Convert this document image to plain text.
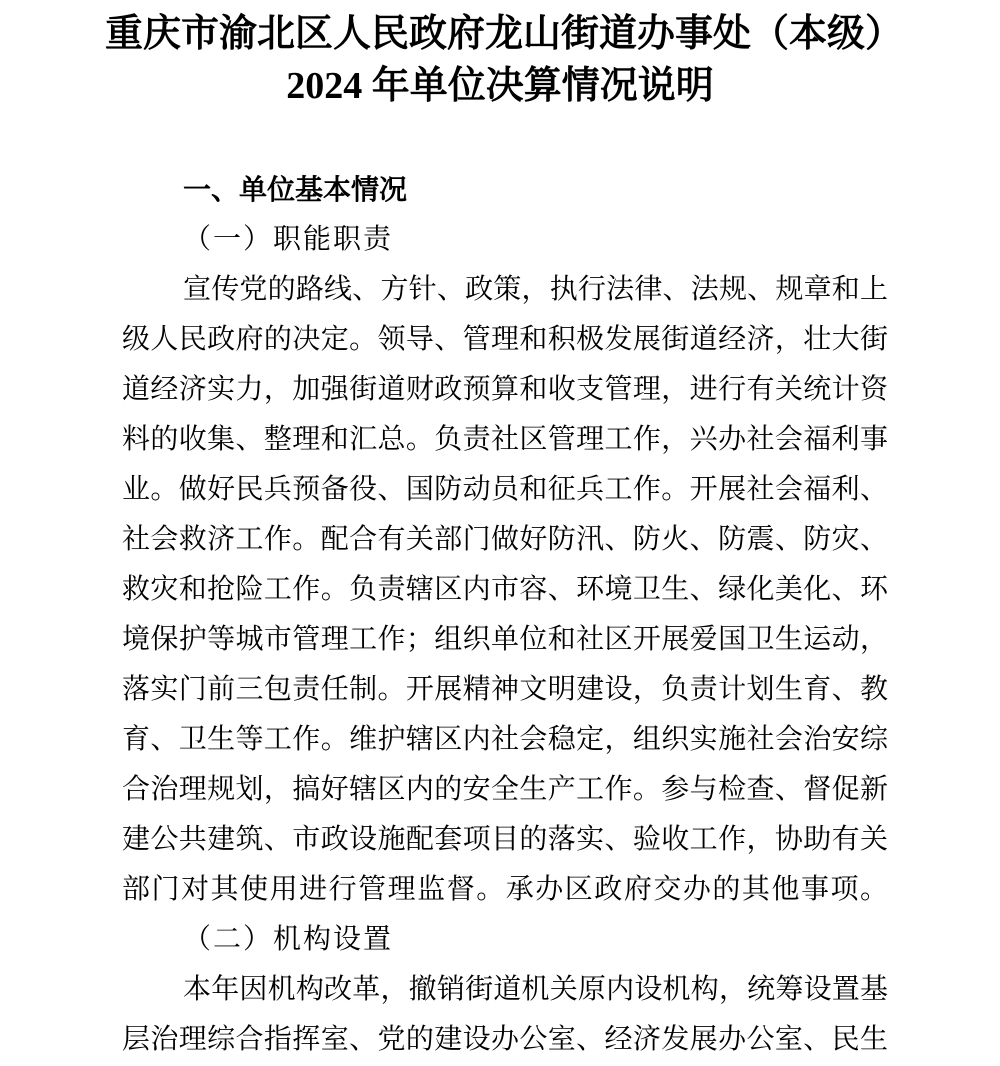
重庆市渝北区人民政府龙山街道办事处（本级）
2024 年单位决算情况说明
一、单位基本情况
（一）职能职责
宣传党的路线、方针、政策，执行法律、法规、规章和上
级人民政府的决定。领导、管理和积极发展街道经济，壮大街
道经济实力，加强街道财政预算和收支管理，进行有关统计资
料的收集、整理和汇总。负责社区管理工作，兴办社会福利事
业。做好民兵预备役、国防动员和征兵工作。开展社会福利、
社会救济工作。配合有关部门做好防汛、防火、防震、防灾、
救灾和抢险工作。负责辖区内市容、环境卫生、绿化美化、环
境保护等城市管理工作；组织单位和社区开展爱国卫生运动，
落实门前三包责任制。开展精神文明建设，负责计划生育、教
育、卫生等工作。维护辖区内社会稳定，组织实施社会治安综
合治理规划，搞好辖区内的安全生产工作。参与检查、督促新
建公共建筑、市政设施配套项目的落实、验收工作，协助有关
部门对其使用进行管理监督。承办区政府交办的其他事项。
（二）机构设置
本年因机构改革，撤销街道机关原内设机构，统筹设置基
层治理综合指挥室、党的建设办公室、经济发展办公室、民生
